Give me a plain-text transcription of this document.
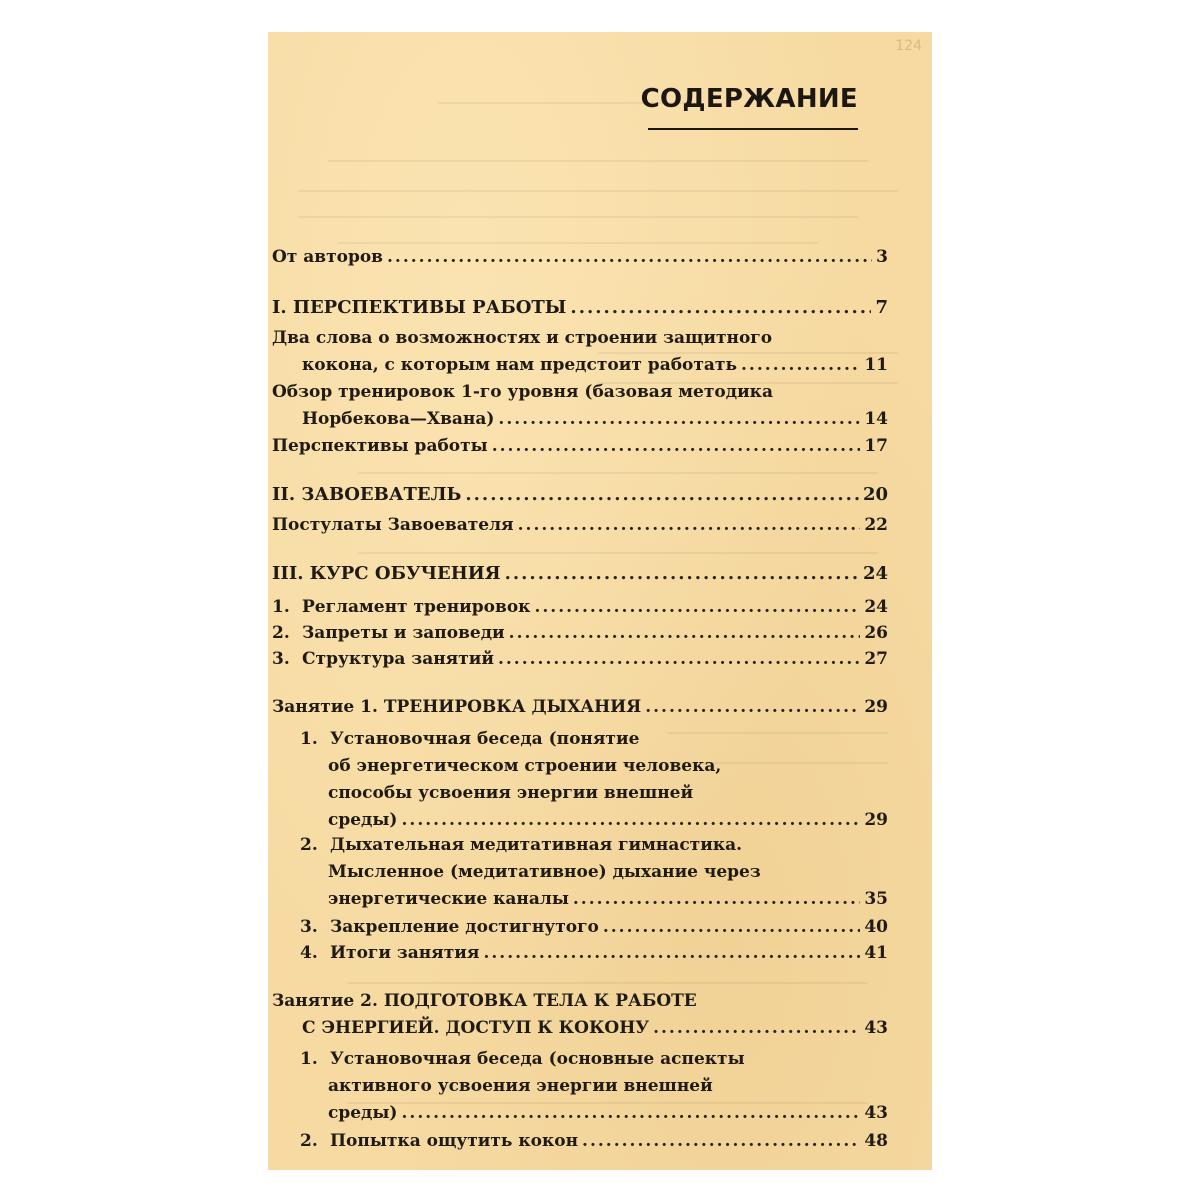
124
СОДЕРЖАНИЕ
От авторов .....	3
I. ПЕРСПЕКТИВЫ РАБОТЫ .....	7
Два слова о возможностях и строении защитного
кокона, с которым нам предстоит работать .....	11
Обзор тренировок 1-го уровня (базовая методика
Норбекова—Хвана) .....	14
Перспективы работы .....	17
II. ЗАВОЕВАТЕЛЬ .....	20
Постулаты Завоевателя .....	22
III. КУРС ОБУЧЕНИЯ .....	24
1. Регламент тренировок .....	24
2. Запреты и заповеди .....	26
3. Структура занятий .....	27
Занятие 1. ТРЕНИРОВКА ДЫХАНИЯ .....	29
1. Установочная беседа (понятие
об энергетическом строении человека,
способы усвоения энергии внешней
среды) .....	29
2. Дыхательная медитативная гимнастика.
Мысленное (медитативное) дыхание через
энергетические каналы .....	35
3. Закрепление достигнутого .....	40
4. Итоги занятия .....	41
Занятие 2. ПОДГОТОВКА ТЕЛА К РАБОТЕ
С ЭНЕРГИЕЙ. ДОСТУП К КОКОНУ .....	43
1. Установочная беседа (основные аспекты
активного усвоения энергии внешней
среды) .....	43
2. Попытка ощутить кокон .....	48
